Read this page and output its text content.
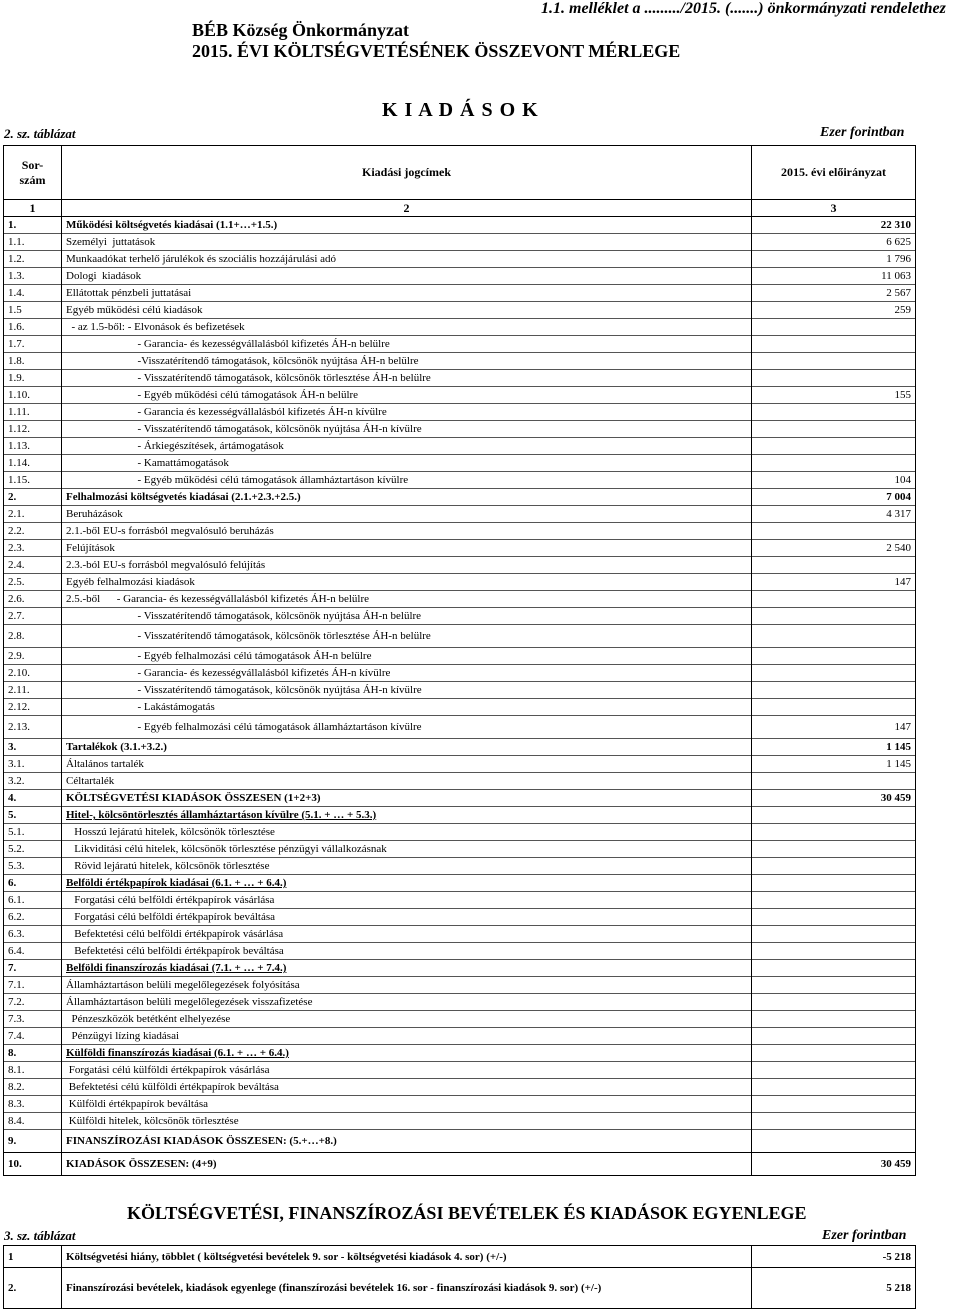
1.1. melléklet a ........./2015. (.......) önkormányzati rendelethez
BÉB Község Önkormányzat
2015. ÉVI KÖLTSÉGVETÉSÉNEK ÖSSZEVONT MÉRLEGE
K I A D Á S O K
2. sz. táblázat	Ezer forintban
Sor-
szám	Kiadási jogcímek	2015. évi előirányzat
1	2	3
1.	Működési költségvetés kiadásai (1.1+…+1.5.)	22 310
1.1.	Személyi  juttatások	6 625
1.2.	Munkaadókat terhelő járulékok és szociális hozzájárulási adó	1 796
1.3.	Dologi  kiadások	11 063
1.4.	Ellátottak pénzbeli juttatásai	2 567
1.5	Egyéb működési célú kiadások	259
1.6.	- az 1.5-ből: - Elvonások és befizetések	
1.7.	- Garancia- és kezességvállalásból kifizetés ÁH-n belülre	
1.8.	-Visszatérítendő támogatások, kölcsönök nyújtása ÁH-n belülre	
1.9.	- Visszatérítendő támogatások, kölcsönök törlesztése ÁH-n belülre	
1.10.	- Egyéb működési célú támogatások ÁH-n belülre	155
1.11.	- Garancia és kezességvállalásból kifizetés ÁH-n kívülre	
1.12.	- Visszatérítendő támogatások, kölcsönök nyújtása ÁH-n kívülre	
1.13.	- Árkiegészítések, ártámogatások	
1.14.	- Kamattámogatások	
1.15.	- Egyéb működési célú támogatások államháztartáson kívülre	104
2.	Felhalmozási költségvetés kiadásai (2.1.+2.3.+2.5.)	7 004
2.1.	Beruházások	4 317
2.2.	2.1.-ből EU-s forrásból megvalósuló beruházás	
2.3.	Felújítások	2 540
2.4.	2.3.-ból EU-s forrásból megvalósuló felújítás	
2.5.	Egyéb felhalmozási kiadások	147
2.6.	2.5.-ből      - Garancia- és kezességvállalásból kifizetés ÁH-n belülre	
2.7.	- Visszatérítendő támogatások, kölcsönök nyújtása ÁH-n belülre	
2.8.	- Visszatérítendő támogatások, kölcsönök törlesztése ÁH-n belülre	
2.9.	- Egyéb felhalmozási célú támogatások ÁH-n belülre	
2.10.	- Garancia- és kezességvállalásból kifizetés ÁH-n kívülre	
2.11.	- Visszatérítendő támogatások, kölcsönök nyújtása ÁH-n kívülre	
2.12.	- Lakástámogatás	
2.13.	- Egyéb felhalmozási célú támogatások államháztartáson kívülre	147
3.	Tartalékok (3.1.+3.2.)	1 145
3.1.	Általános tartalék	1 145
3.2.	Céltartalék	
4.	KÖLTSÉGVETÉSI KIADÁSOK ÖSSZESEN (1+2+3)	30 459
5.	Hitel-, kölcsöntörlesztés államháztartáson kívülre (5.1. + … + 5.3.)	
5.1.	Hosszú lejáratú hitelek, kölcsönök törlesztése	
5.2.	Likviditási célú hitelek, kölcsönök törlesztése pénzügyi vállalkozásnak	
5.3.	Rövid lejáratú hitelek, kölcsönök törlesztése	
6.	Belföldi értékpapírok kiadásai (6.1. + … + 6.4.)	
6.1.	Forgatási célú belföldi értékpapírok vásárlása	
6.2.	Forgatási célú belföldi értékpapírok beváltása	
6.3.	Befektetési célú belföldi értékpapírok vásárlása	
6.4.	Befektetési célú belföldi értékpapírok beváltása	
7.	Belföldi finanszírozás kiadásai (7.1. + … + 7.4.)	
7.1.	Államháztartáson belüli megelőlegezések folyósítása	
7.2.	Államháztartáson belüli megelőlegezések visszafizetése	
7.3.	Pénzeszközök betétként elhelyezése	
7.4.	Pénzügyi lízing kiadásai	
8.	Külföldi finanszírozás kiadásai (6.1. + … + 6.4.)	
8.1.	Forgatási célú külföldi értékpapírok vásárlása	
8.2.	Befektetési célú külföldi értékpapírok beváltása	
8.3.	Külföldi értékpapírok beváltása	
8.4.	Külföldi hitelek, kölcsönök törlesztése	
9.	FINANSZÍROZÁSI KIADÁSOK ÖSSZESEN: (5.+…+8.)	
10.	KIADÁSOK ÖSSZESEN: (4+9)	30 459
KÖLTSÉGVETÉSI, FINANSZÍROZÁSI BEVÉTELEK ÉS KIADÁSOK EGYENLEGE
3. sz. táblázat	Ezer forintban
1	Költségvetési hiány, többlet ( költségvetési bevételek 9. sor - költségvetési kiadások 4. sor) (+/-)	-5 218
2.	Finanszírozási bevételek, kiadások egyenlege (finanszírozási bevételek 16. sor - finanszírozási kiadások 9. sor) (+/-)	5 218
